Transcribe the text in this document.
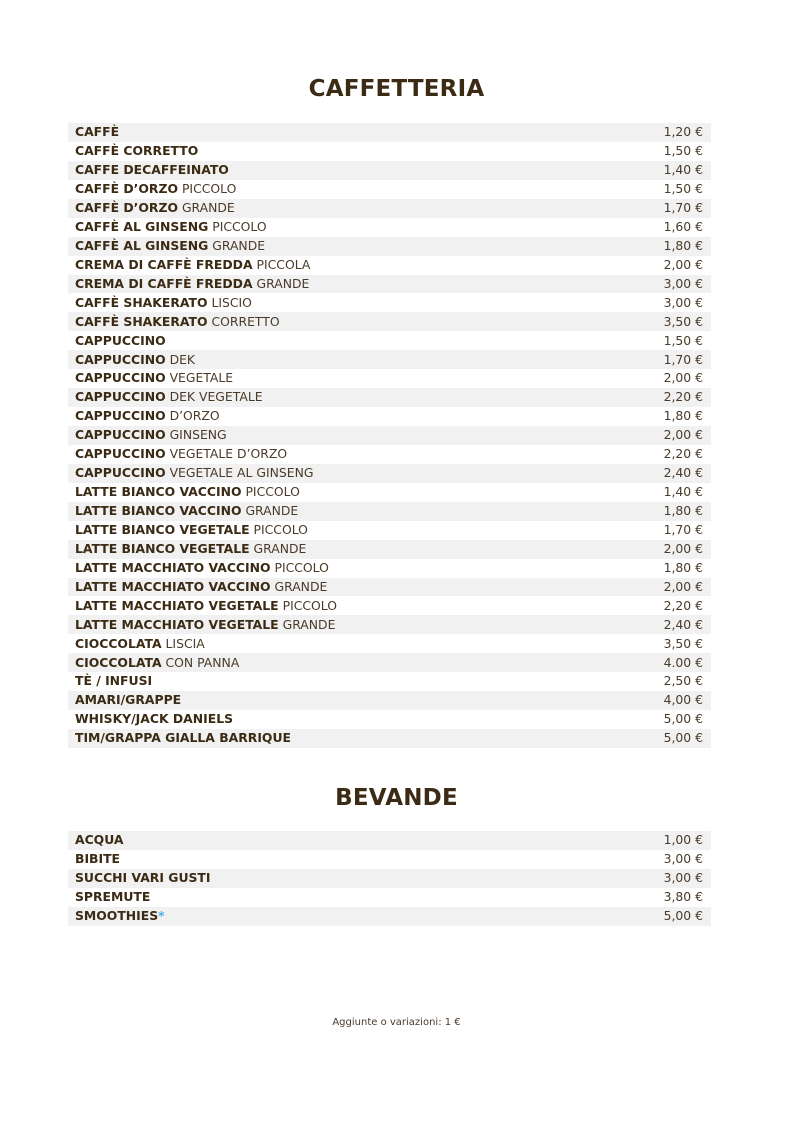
CAFFETTERIA
CAFFÈ	1,20 €
CAFFÈ CORRETTO	1,50 €
CAFFE DECAFFEINATO	1,40 €
CAFFÈ D’ORZO PICCOLO	1,50 €
CAFFÈ D’ORZO GRANDE	1,70 €
CAFFÈ AL GINSENG PICCOLO	1,60 €
CAFFÈ AL GINSENG GRANDE	1,80 €
CREMA DI CAFFÈ FREDDA PICCOLA	2,00 €
CREMA DI CAFFÈ FREDDA GRANDE	3,00 €
CAFFÈ SHAKERATO LISCIO	3,00 €
CAFFÈ SHAKERATO CORRETTO	3,50 €
CAPPUCCINO	1,50 €
CAPPUCCINO DEK	1,70 €
CAPPUCCINO VEGETALE	2,00 €
CAPPUCCINO DEK VEGETALE	2,20 €
CAPPUCCINO D’ORZO	1,80 €
CAPPUCCINO GINSENG	2,00 €
CAPPUCCINO VEGETALE D’ORZO	2,20 €
CAPPUCCINO VEGETALE AL GINSENG	2,40 €
LATTE BIANCO VACCINO PICCOLO	1,40 €
LATTE BIANCO VACCINO GRANDE	1,80 €
LATTE BIANCO VEGETALE PICCOLO	1,70 €
LATTE BIANCO VEGETALE GRANDE	2,00 €
LATTE MACCHIATO VACCINO PICCOLO	1,80 €
LATTE MACCHIATO VACCINO GRANDE	2,00 €
LATTE MACCHIATO VEGETALE PICCOLO	2,20 €
LATTE MACCHIATO VEGETALE GRANDE	2,40 €
CIOCCOLATA LISCIA	3,50 €
CIOCCOLATA CON PANNA	4.00 €
TÈ / INFUSI	2,50 €
AMARI/GRAPPE	4,00 €
WHISKY/JACK DANIELS	5,00 €
TIM/GRAPPA GIALLA BARRIQUE	5,00 €
BEVANDE
ACQUA	1,00 €
BIBITE	3,00 €
SUCCHI VARI GUSTI	3,00 €
SPREMUTE	3,80 €
SMOOTHIES*	5,00 €
Aggiunte o variazioni: 1 €
